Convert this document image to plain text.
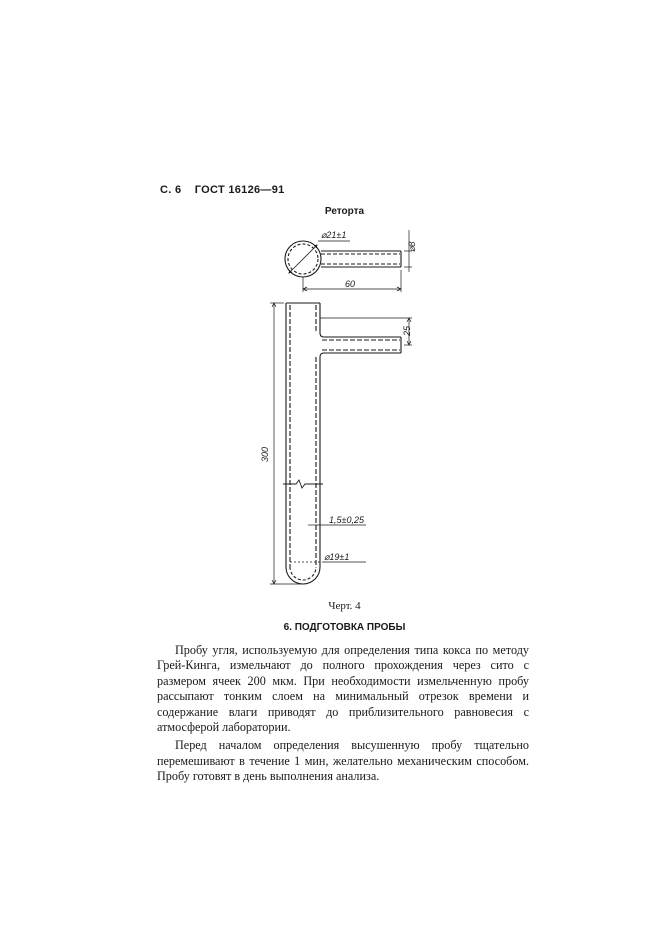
С. 6 ГОСТ 16126—91
Реторта
⌀21±1
⌀8
60
25
300
1,5±0,25
⌀19±1
Черт. 4
6. ПОДГОТОВКА ПРОБЫ

Пробу угля, используемую для определения типа кокса по методу Грей-Кинга, измельчают до полного прохождения через сито с размером ячеек 200 мкм. При необходимости измельченную пробу рассыпают тонким слоем на минимальный отрезок времени и содержание влаги приводят до приблизительного равновесия с атмосферой лаборатории.

Перед началом определения высушенную пробу тщательно перемешивают в течение 1 мин, желательно механическим способом. Пробу готовят в день выполнения анализа.
